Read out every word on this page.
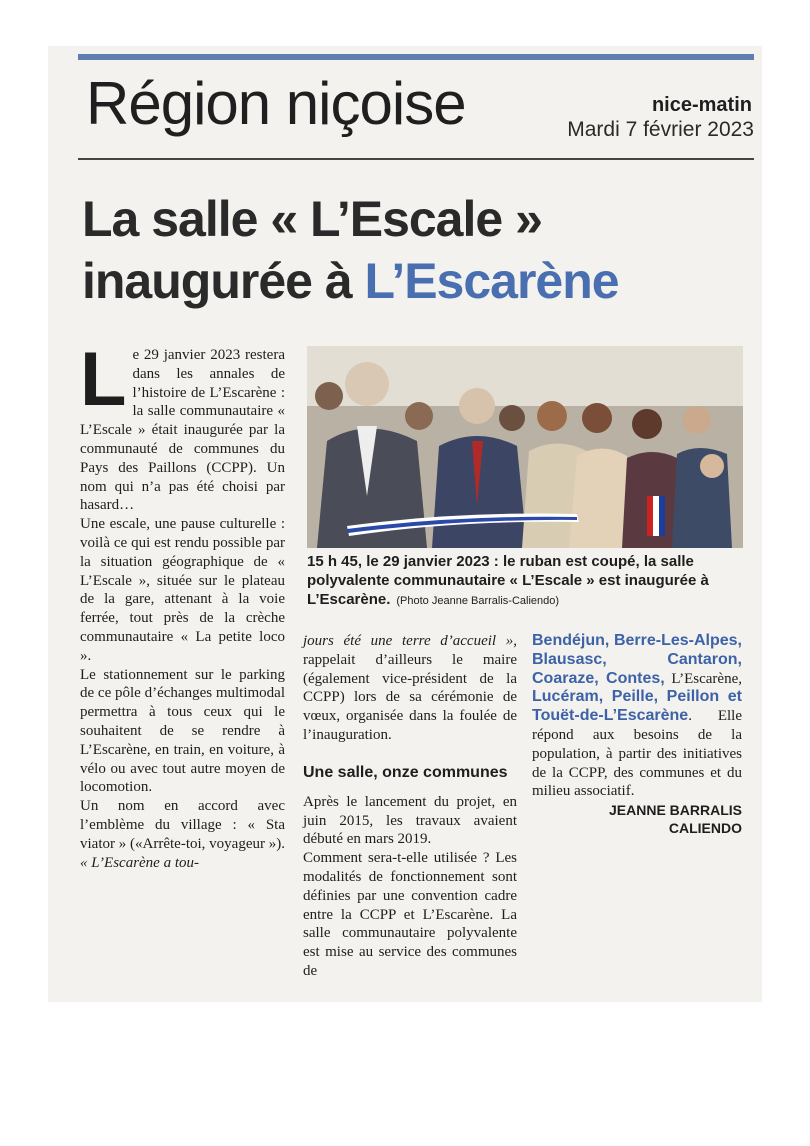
Région niçoise	nice-matin
Mardi 7 février 2023
La salle « L’Escale »
inaugurée à L’Escarène

Le 29 janvier 2023 restera dans les annales de l’histoire de L’Escarène : la salle communautaire « L’Escale » était inaugurée par la communauté de communes du Pays des Paillons (CCPP). Un nom qui n’a pas été choisi par hasard…

Une escale, une pause culturelle : voilà ce qui est rendu possible par la situation géographique de « L’Escale », située sur le plateau de la gare, attenant à la voie ferrée, tout près de la crèche communautaire « La petite loco ».

Le stationnement sur le parking de ce pôle d’échanges multimodal permettra à tous ceux qui le souhaitent de se rendre à L’Escarène, en train, en voiture, à vélo ou avec tout autre moyen de locomotion.

Un nom en accord avec l’emblème du village : « Sta viator » («Arrête-toi, voyageur »). « L’Escarène a tou-

15 h 45, le 29 janvier 2023 : le ruban est coupé, la salle polyvalente communautaire « L’Escale » est inaugurée à L’Escarène. (Photo Jeanne Barralis-Caliendo)

jours été une terre d’accueil », rappelait d’ailleurs le maire (également vice-président de la CCPP) lors de sa cérémonie de vœux, organisée dans la foulée de l’inauguration.

Une salle, onze communes

Après le lancement du projet, en juin 2015, les travaux avaient débuté en mars 2019.

Comment sera-t-elle utilisée ? Les modalités de fonctionnement sont définies par une convention cadre entre la CCPP et L’Escarène. La salle communautaire polyvalente est mise au service des communes de

Bendéjun, Berre-Les-Alpes, Blausasc, Cantaron, Coaraze, Contes, L’Escarène, Lucéram, Peille, Peillon et Touët-de-L’Escarène. Elle répond aux besoins de la population, à partir des initiatives de la CCPP, des communes et du milieu associatif.

JEANNE BARRALIS
CALIENDO
